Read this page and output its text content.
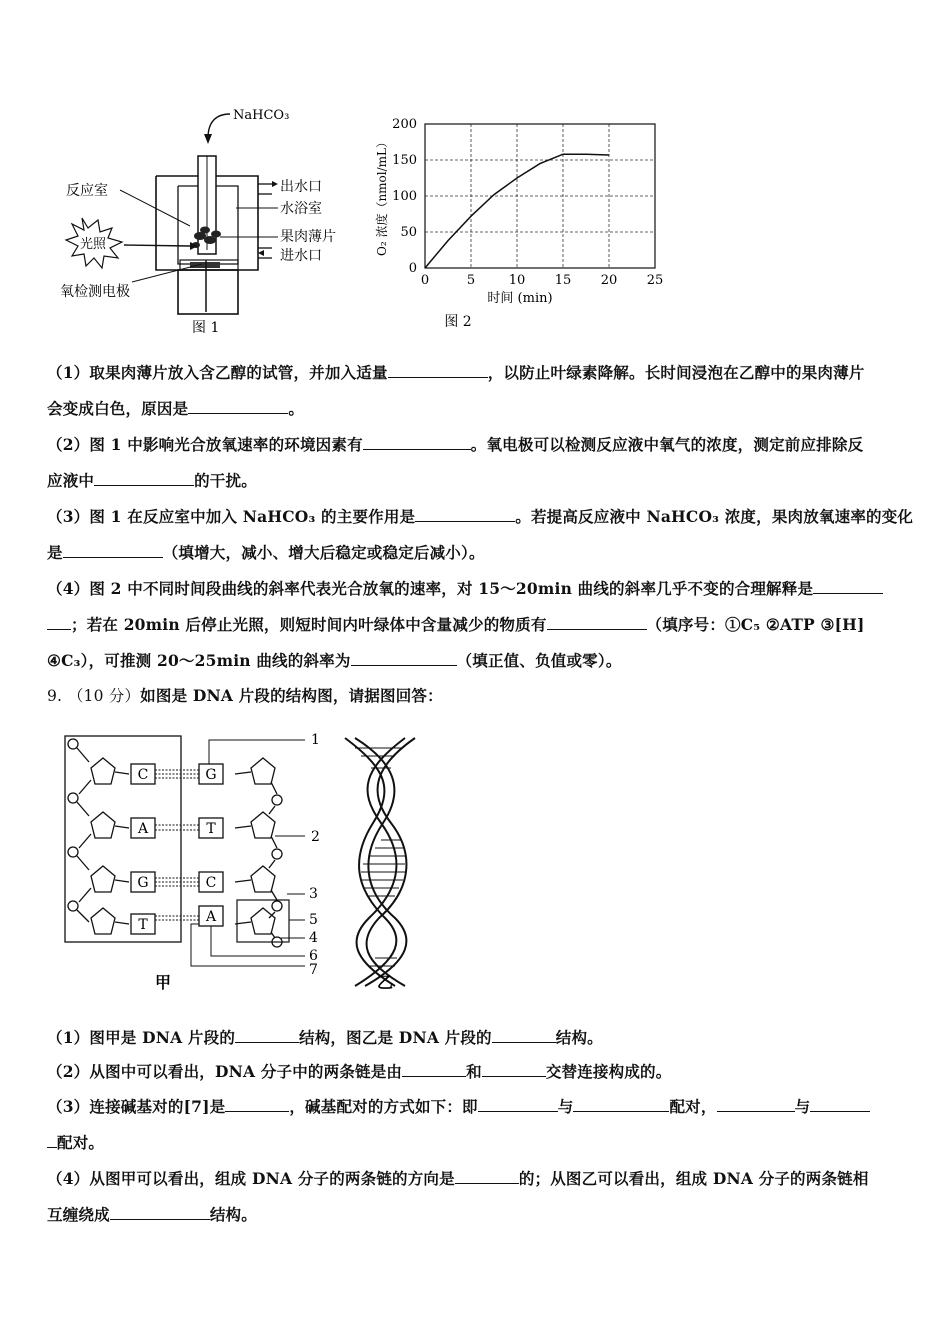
NaHCO₃
出水口
水浴室
果肉薄片
进水口
反应室
光照
氧检测电极
图 1
0	5	10 15 20 25
0
50
100
150
200
时间 (min)
O₂ 浓度（nmol/mL）
图 2
（1）取果肉薄片放入含乙醇的试管，并加入适量	，以防止叶绿素降解。长时间浸泡在乙醇中的果肉薄片
会变成白色，原因是	。
（2）图 1 中影响光合放氧速率的环境因素有	。氧电极可以检测反应液中氧气的浓度，测定前应排除反
应液中	的干扰。
（3）图 1 在反应室中加入 NaHCO₃ 的主要作用是	。若提高反应液中 NaHCO₃ 浓度，果肉放氧速率的变化
是	（填增大，减小、增大后稳定或稳定后减小）。
（4）图 2 中不同时间段曲线的斜率代表光合放氧的速率，对 15～20min 曲线的斜率几乎不变的合理解释是
；若在 20min 后停止光照，则短时间内叶绿体中含量减少的物质有	（填序号：①C₅ ②ATP ③[H]
④C₃），可推测 20～25min 曲线的斜率为	（填正值、负值或零）。
9. （10 分）如图是 DNA 片段的结构图，请据图回答：
C
A
G
T
G
T
C
A
1
2
3
5
4
6
7
甲	乙
（1）图甲是 DNA 片段的	结构，图乙是 DNA 片段的	结构。
（2）从图中可以看出，DNA 分子中的两条链是由	和	交替连接构成的。
（3）连接碱基对的[7]是	，碱基配对的方式如下：即	与	配对，	与
配对。
（4）从图甲可以看出，组成 DNA 分子的两条链的方向是	的；从图乙可以看出，组成 DNA 分子的两条链相
互缠绕成	结构。
